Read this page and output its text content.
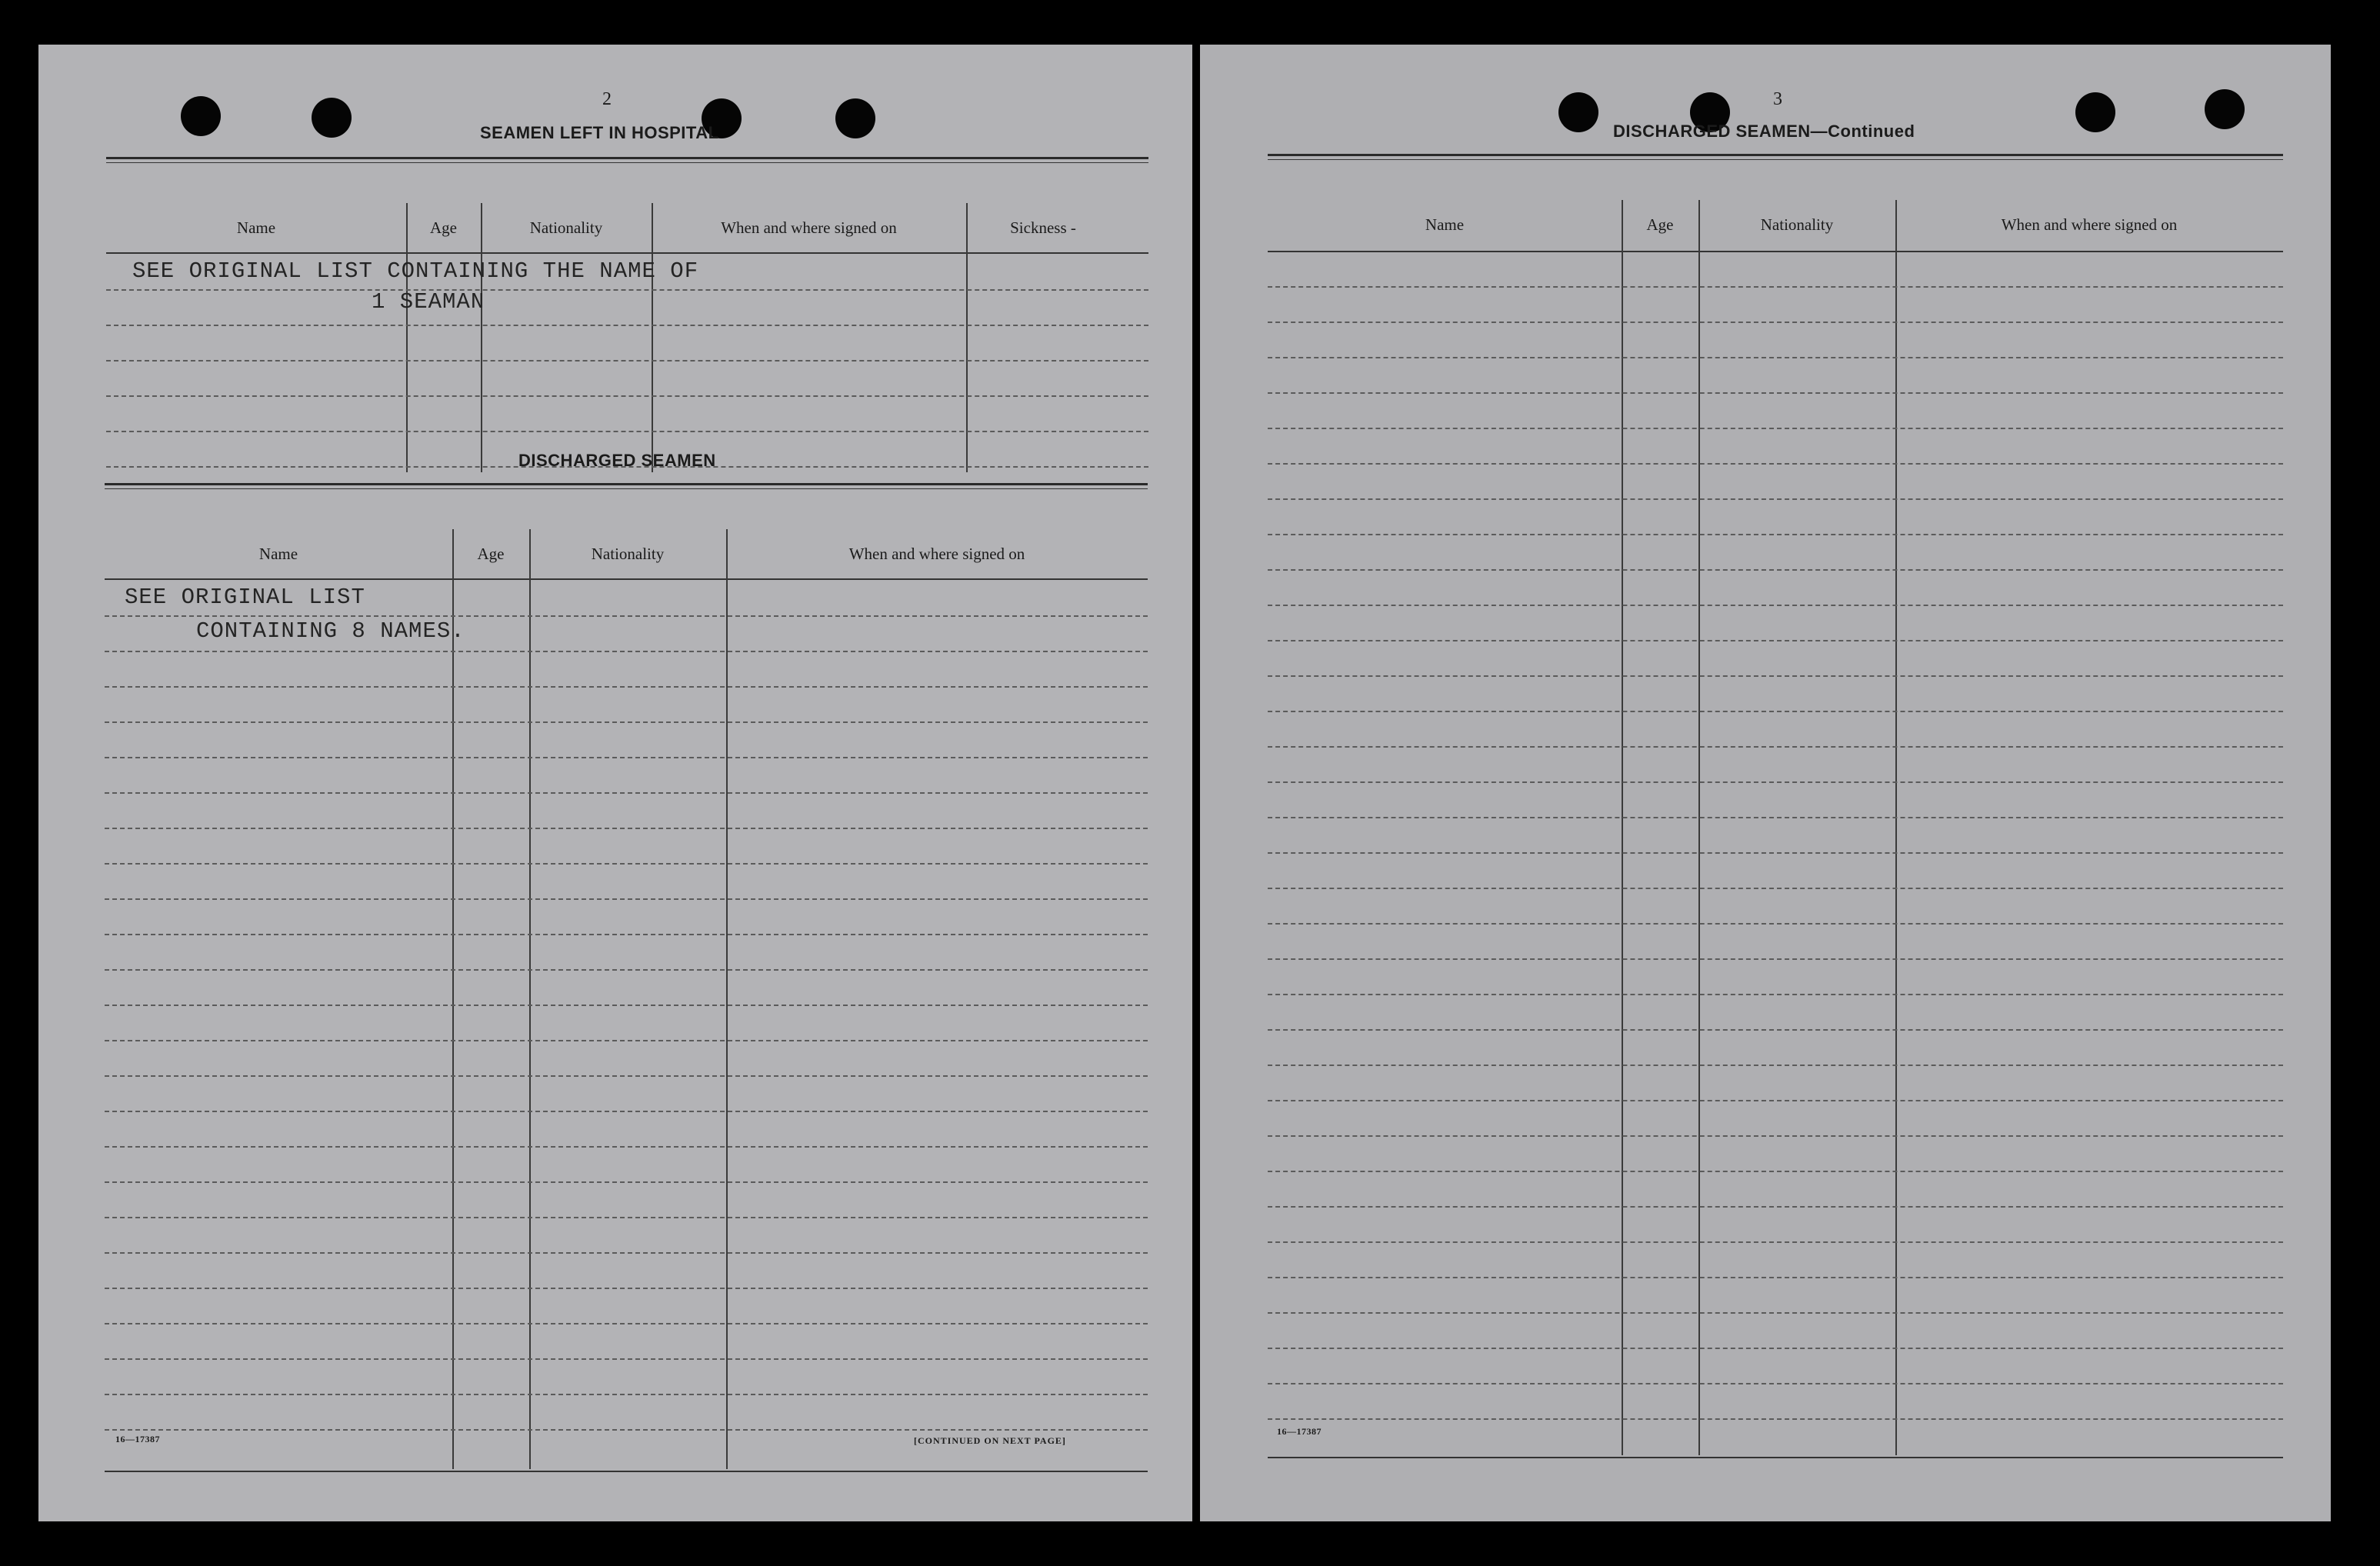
2
SEAMEN LEFT IN HOSPITAL
Name	Age	Nationality	When and where signed on	Sickness -
SEE ORIGINAL LIST CONTAINING THE NAME OF
1 SEAMAN
DISCHARGED SEAMEN
Name	Age	Nationality	When and where signed on
SEE ORIGINAL LIST
CONTAINING 8 NAMES.
16—17387	[CONTINUED ON NEXT PAGE]
3
DISCHARGED SEAMEN—Continued
Name	Age	Nationality	When and where signed on
16—17387
